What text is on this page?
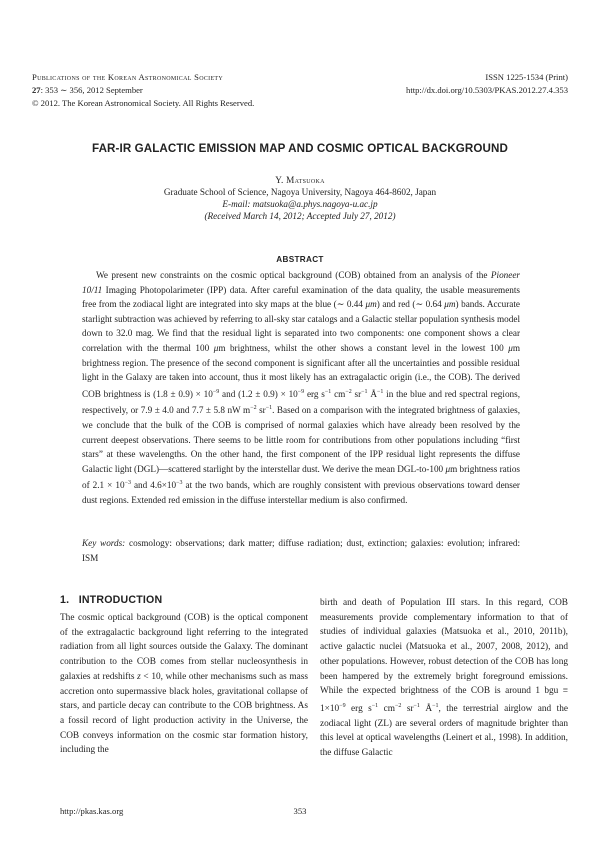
Publications of the Korean Astronomical Society
27: 353 ∼ 356, 2012 September
© 2012. The Korean Astronomical Society. All Rights Reserved.
ISSN 1225-1534 (Print)
http://dx.doi.org/10.5303/PKAS.2012.27.4.353
FAR-IR GALACTIC EMISSION MAP AND COSMIC OPTICAL BACKGROUND
Y. Matsuoka
Graduate School of Science, Nagoya University, Nagoya 464-8602, Japan
E-mail: matsuoka@a.phys.nagoya-u.ac.jp
(Received March 14, 2012; Accepted July 27, 2012)
ABSTRACT

We present new constraints on the cosmic optical background (COB) obtained from an analysis of the Pioneer 10/11 Imaging Photopolarimeter (IPP) data. After careful examination of the data quality, the usable measurements free from the zodiacal light are integrated into sky maps at the blue (∼ 0.44 μm) and red (∼ 0.64 μm) bands. Accurate starlight subtraction was achieved by referring to all-sky star catalogs and a Galactic stellar population synthesis model down to 32.0 mag. We find that the residual light is separated into two components: one component shows a clear correlation with the thermal 100 μm brightness, whilst the other shows a constant level in the lowest 100 μm brightness region. The presence of the second component is significant after all the uncertainties and possible residual light in the Galaxy are taken into account, thus it most likely has an extragalactic origin (i.e., the COB). The derived COB brightness is $(1.8 \pm 0.9) \times 10^{-9}$ and $(1.2 \pm 0.9) \times 10^{-9}$ erg $s^{-1}$ $cm^{-2}$ $sr^{-1}$ $Å^{-1}$ in the blue and red spectral regions, respectively, or 7.9 ± 4.0 and 7.7 ± 5.8 nW $m^{-2}$ $sr^{-1}$. Based on a comparison with the integrated brightness of galaxies, we conclude that the bulk of the COB is comprised of normal galaxies which have already been resolved by the current deepest observations. There seems to be little room for contributions from other populations including “first stars” at these wavelengths. On the other hand, the first component of the IPP residual light represents the diffuse Galactic light (DGL)—scattered starlight by the interstellar dust. We derive the mean DGL-to-100 μm brightness ratios of $2.1 \times 10^{-3}$ and $4.6\times 10^{-3}$ at the two bands, which are roughly consistent with previous observations toward denser dust regions. Extended red emission in the diffuse interstellar medium is also confirmed.

Key words: cosmology: observations; dark matter; diffuse radiation; dust, extinction; galaxies: evolution; infrared: ISM
1. INTRODUCTION
The cosmic optical background (COB) is the optical component of the extragalactic background light referring to the integrated radiation from all light sources outside the Galaxy. The dominant contribution to the COB comes from stellar nucleosynthesis in galaxies at redshifts z < 10, while other mechanisms such as mass accretion onto supermassive black holes, gravitational collapse of stars, and particle decay can contribute to the COB brightness. As a fossil record of light production activity in the Universe, the COB conveys information on the cosmic star formation history, including the
birth and death of Population III stars. In this regard, COB measurements provide complementary information to that of studies of individual galaxies (Matsuoka et al., 2010, 2011b), active galactic nuclei (Matsuoka et al., 2007, 2008, 2012), and other populations. However, robust detection of the COB has long been hampered by the extremely bright foreground emissions. While the expected brightness of the COB is around 1 bgu ≡ $1\times 10^{-9}$ erg $s^{-1}$ $cm^{-2}$ $sr^{-1}$ $Å^{-1}$, the terrestrial airglow and the zodiacal light (ZL) are several orders of magnitude brighter than this level at optical wavelengths (Leinert et al., 1998). In addition, the diffuse Galactic
http://pkas.kas.org	353
